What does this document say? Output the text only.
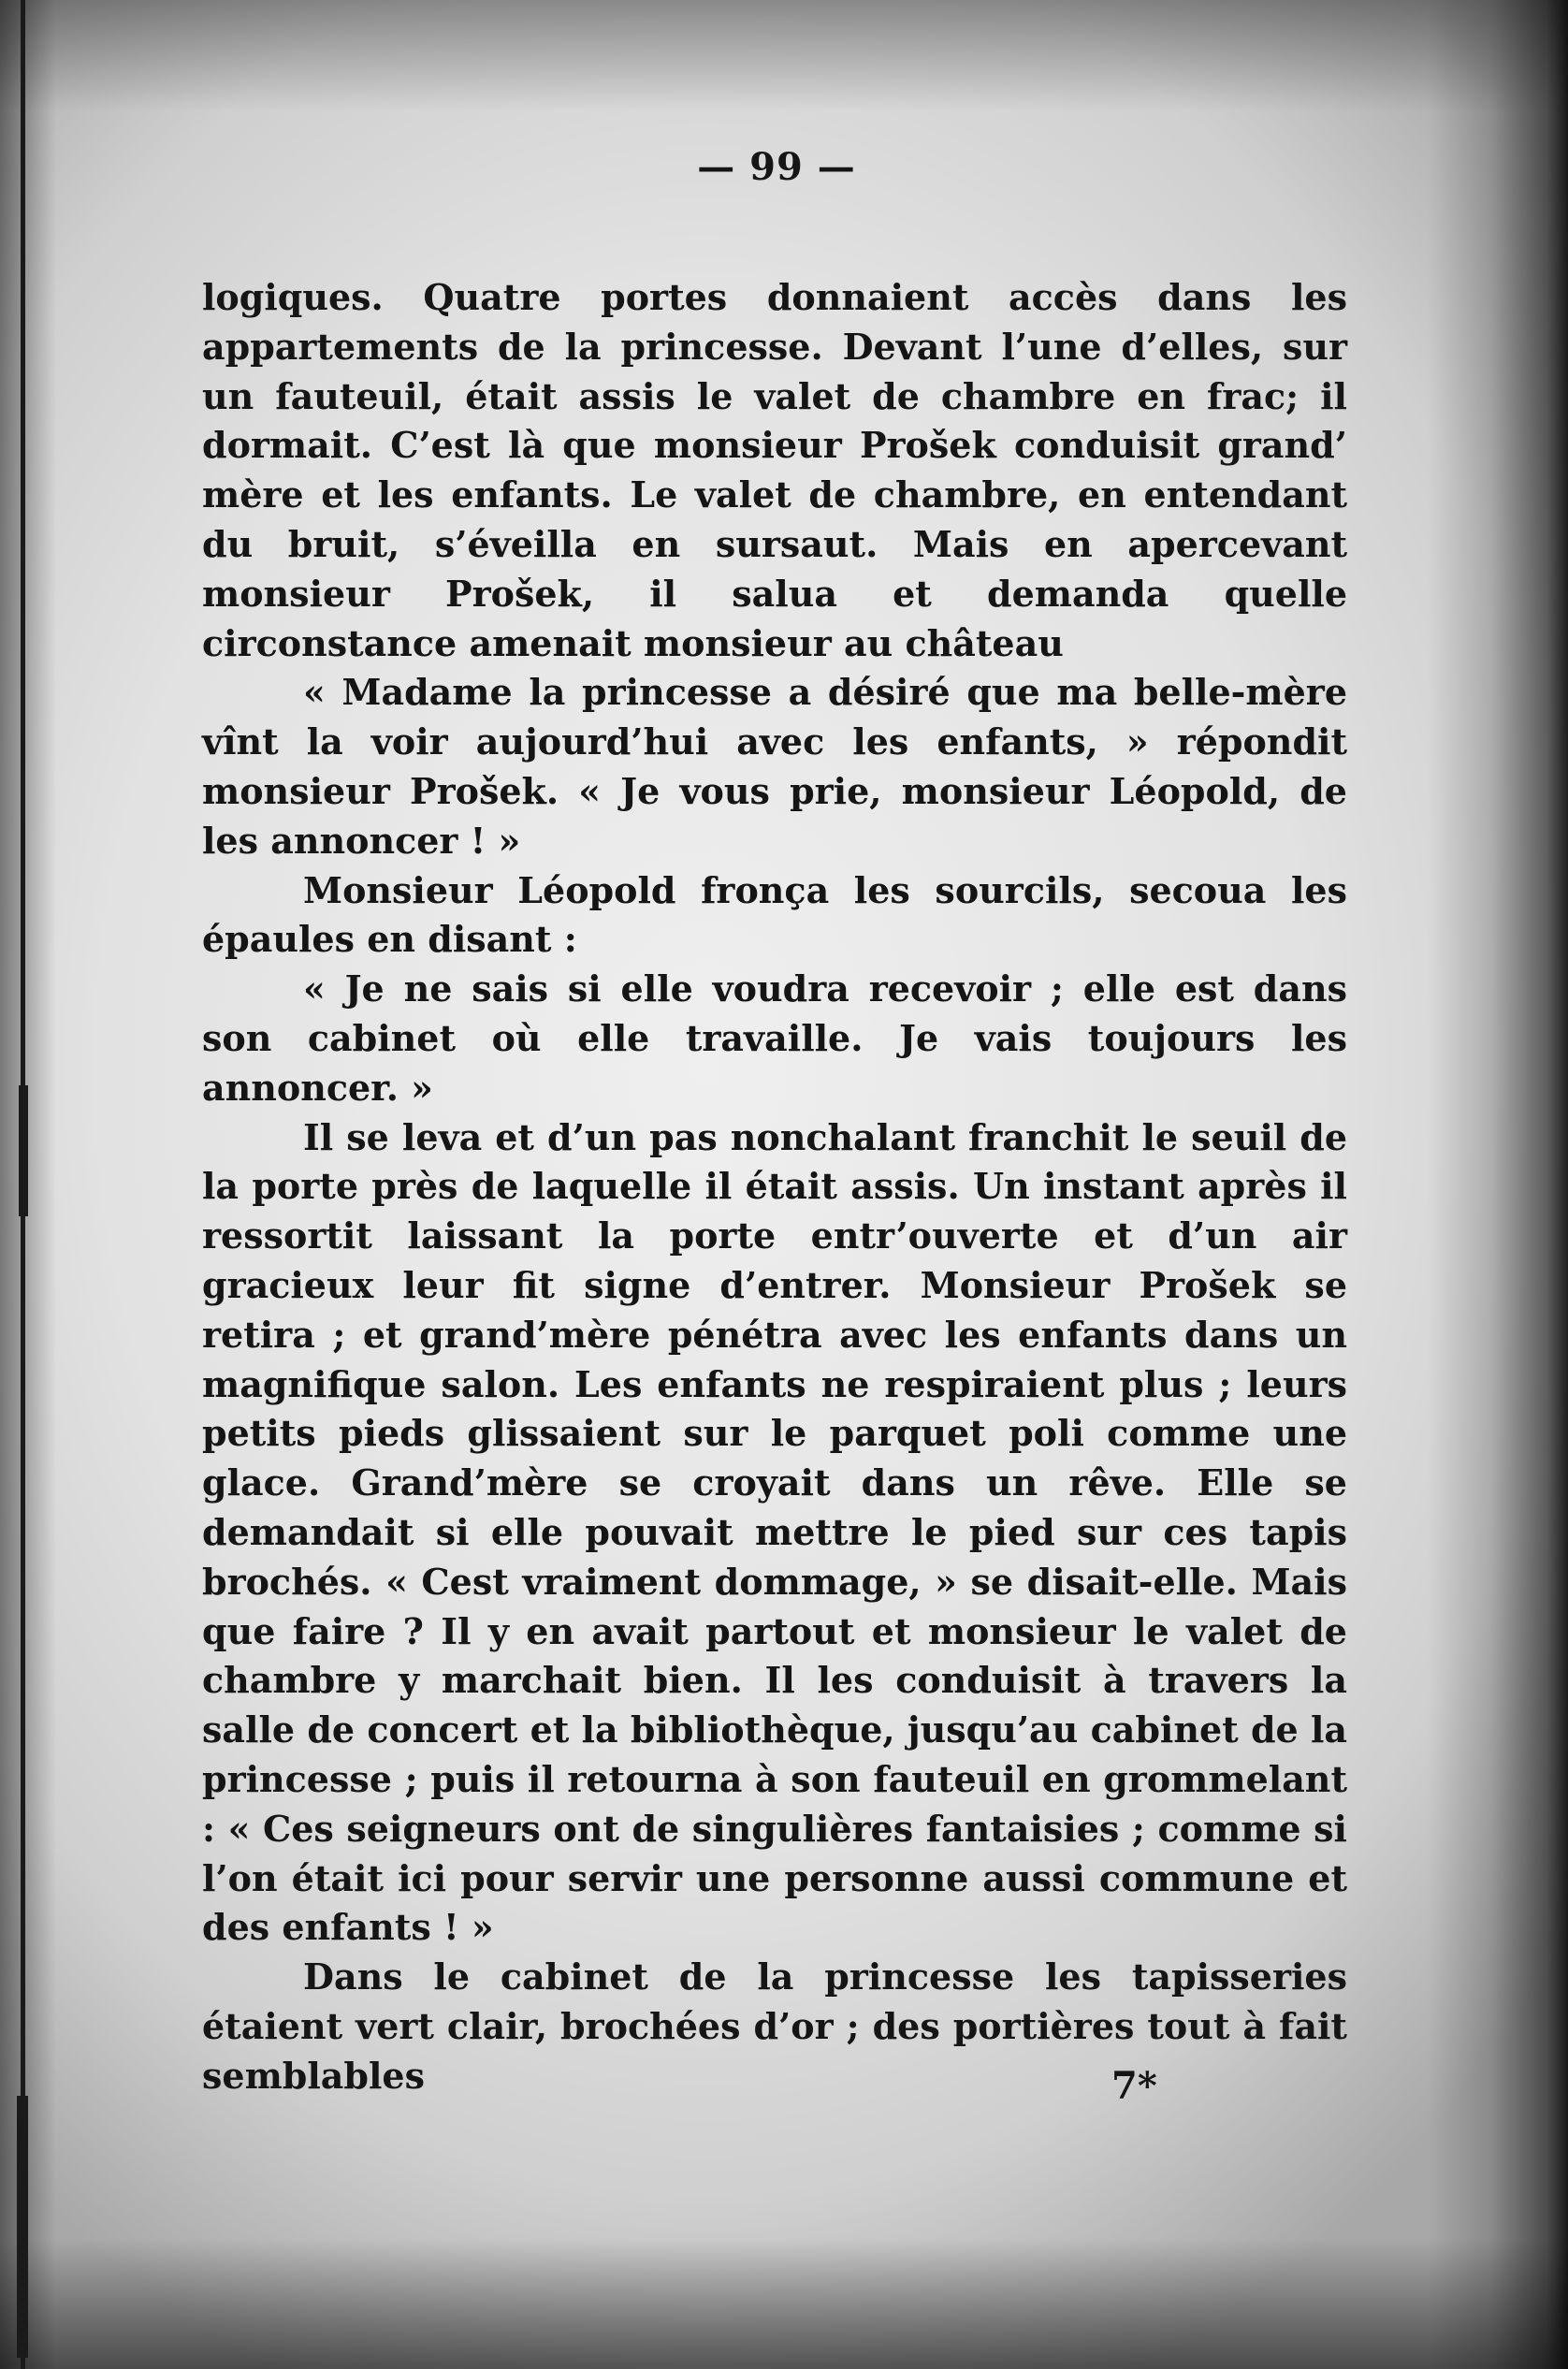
— 99 —

logiques. Quatre portes donnaient accès dans les appartements de la princesse. Devant l’une d’elles, sur un fauteuil, était assis le valet de chambre en frac; il dormait. C’est là que monsieur Prošek conduisit grand’ mère et les enfants. Le valet de chambre, en entendant du bruit, s’éveilla en sursaut. Mais en apercevant monsieur Prošek, il salua et demanda quelle circonstance amenait monsieur au château

« Madame la princesse a désiré que ma belle-mère vînt la voir aujourd’hui avec les enfants, » répondit monsieur Prošek. « Je vous prie, monsieur Léopold, de les annoncer ! »

Monsieur Léopold fronça les sourcils, secoua les épaules en disant :

« Je ne sais si elle voudra recevoir ; elle est dans son cabinet où elle travaille. Je vais toujours les annoncer. »

Il se leva et d’un pas nonchalant franchit le seuil de la porte près de laquelle il était assis. Un instant après il ressortit laissant la porte entr’ouverte et d’un air gracieux leur fit signe d’entrer. Monsieur Prošek se retira ; et grand’mère pénétra avec les enfants dans un magnifique salon. Les enfants ne respiraient plus ; leurs petits pieds glissaient sur le parquet poli comme une glace. Grand’mère se croyait dans un rêve. Elle se demandait si elle pouvait mettre le pied sur ces tapis brochés. « Cest vraiment dommage, » se disait-elle. Mais que faire ? Il y en avait partout et monsieur le valet de chambre y marchait bien. Il les conduisit à travers la salle de concert et la bibliothèque, jusqu’au cabinet de la princesse ; puis il retourna à son fauteuil en grommelant : « Ces seigneurs ont de singulières fantaisies ; comme si l’on était ici pour servir une personne aussi commune et des enfants ! »

Dans le cabinet de la princesse les tapisseries étaient vert clair, brochées d’or ; des portières tout à fait semblables	7*
